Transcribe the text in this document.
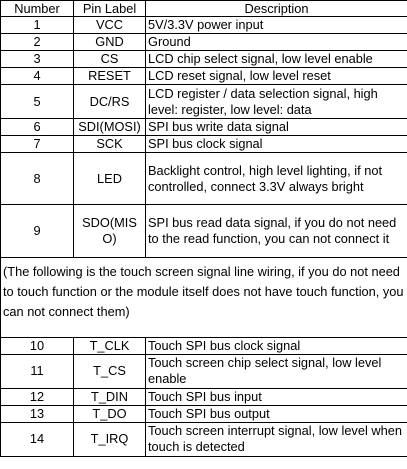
Number	Pin Label	Description
1	VCC	5V/3.3V power input
2	GND	Ground
3	CS	LCD chip select signal, low level enable
4	RESET	LCD reset signal, low level reset
5	DC/RS	LCD register / data selection signal, high level: register, low level: data
6	SDI(MOSI)	SPI bus write data signal
7	SCK	SPI bus clock signal
8	LED	Backlight control, high level lighting, if not controlled, connect 3.3V always bright
9	SDO(MISO)	SPI bus read data signal, if you do not need to the read function, you can not connect it
(The following is the touch screen signal line wiring, if you do not need to touch function or the module itself does not have touch function, you can not connect them)		

10	T_CLK	Touch SPI bus clock signal
11	T_CS	Touch screen chip select signal, low level enable
12	T_DIN	Touch SPI bus input
13	T_DO	Touch SPI bus output
14	T_IRQ	Touch screen interrupt signal, low level when touch is detected
